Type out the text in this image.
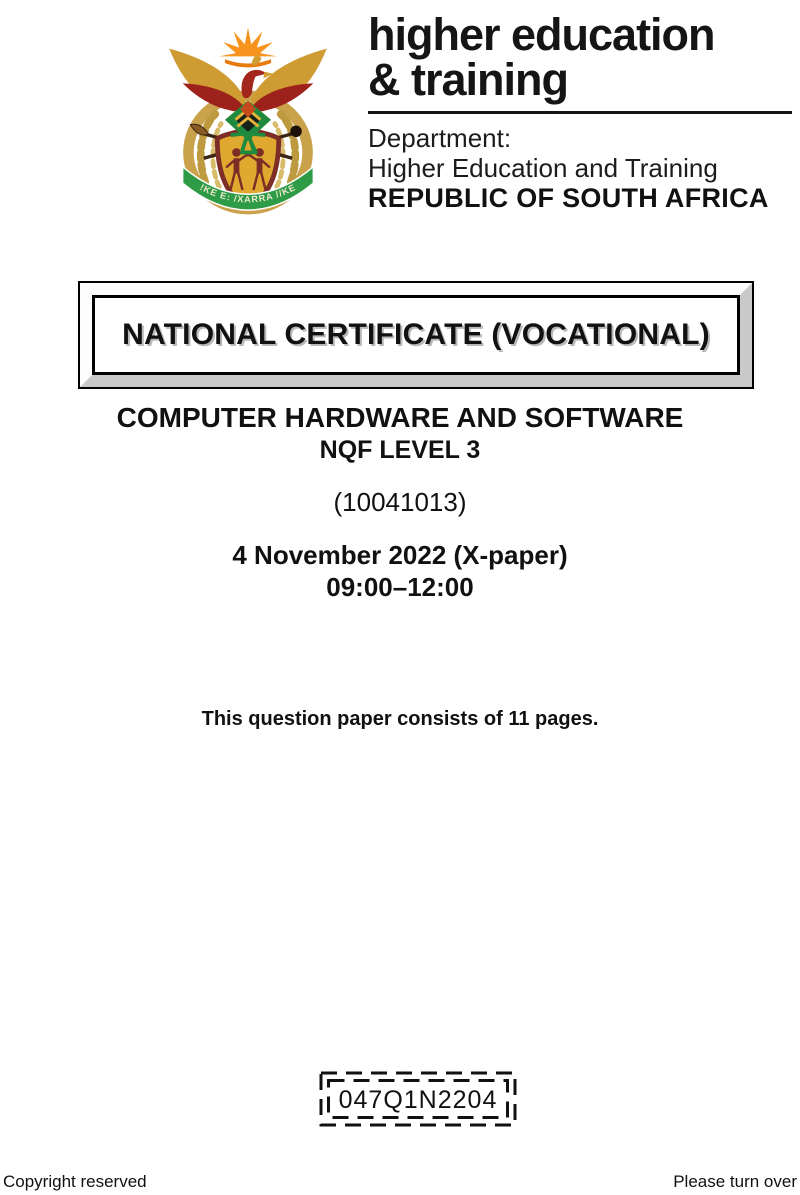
!KE E: /XARRA //KE
higher education
& training
Department:
Higher Education and Training
REPUBLIC OF SOUTH AFRICA
NATIONAL CERTIFICATE (VOCATIONAL)
COMPUTER HARDWARE AND SOFTWARE
NQF LEVEL 3
(10041013)
4 November 2022 (X-paper)
09:00–12:00
This question paper consists of 11 pages.
047Q1N2204
Copyright reserved	Please turn over
